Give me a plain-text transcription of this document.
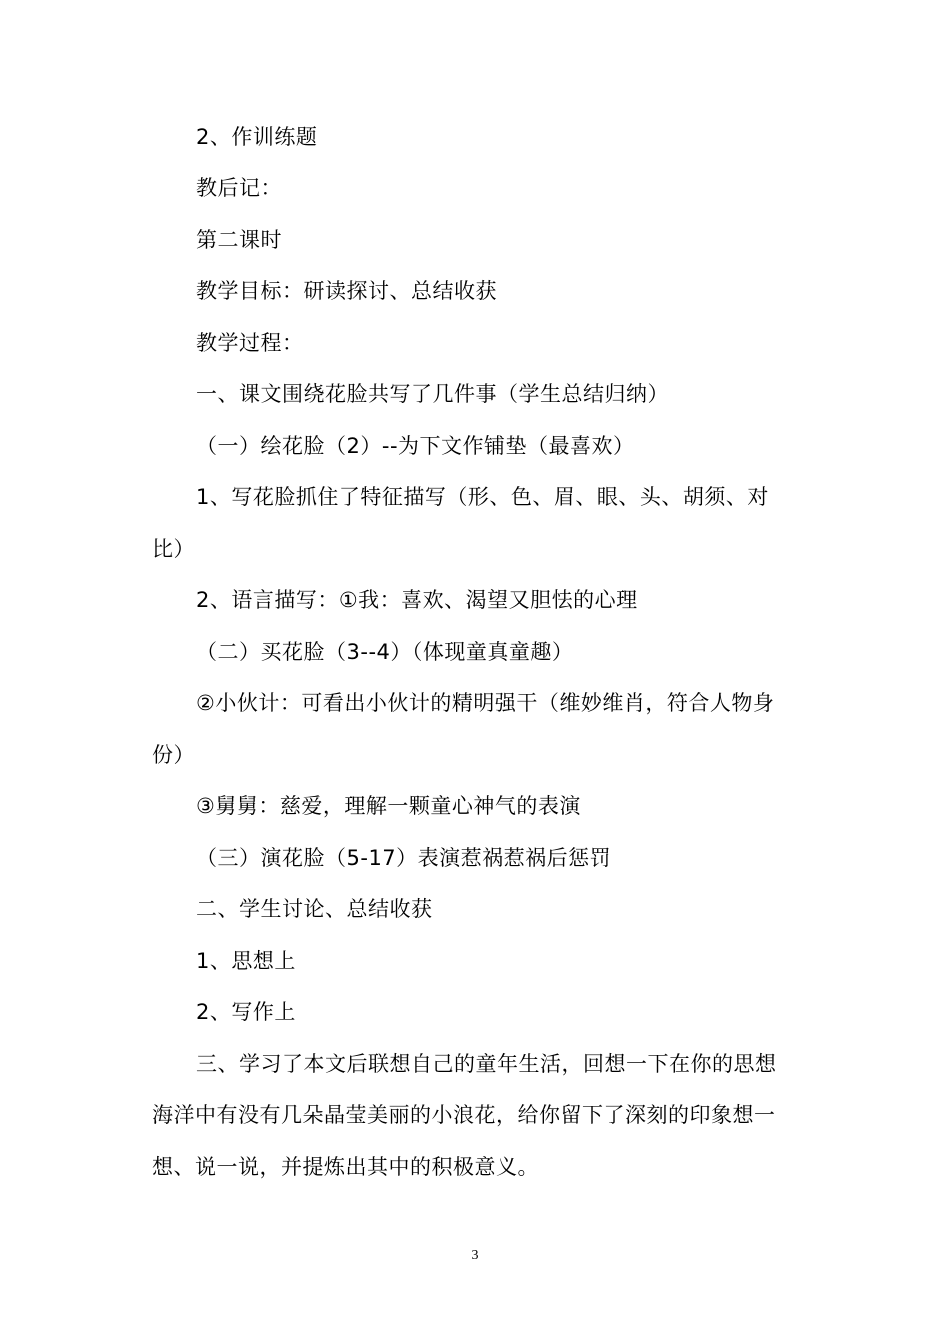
2、作训练题
教后记：
第二课时
教学目标：研读探讨、总结收获
教学过程：
一、课文围绕花脸共写了几件事（学生总结归纳）
（一）绘花脸（2）--为下文作铺垫（最喜欢）
1、写花脸抓住了特征描写（形、色、眉、眼、头、胡须、对
比）
2、语言描写：①我：喜欢、渴望又胆怯的心理
（二）买花脸（3--4）（体现童真童趣）
②小伙计：可看出小伙计的精明强干（维妙维肖，符合人物身
份）
③舅舅：慈爱，理解一颗童心神气的表演
（三）演花脸（5-17）表演惹祸惹祸后惩罚
二、学生讨论、总结收获
1、思想上
2、写作上
三、学习了本文后联想自己的童年生活，回想一下在你的思想
海洋中有没有几朵晶莹美丽的小浪花，给你留下了深刻的印象想一
想、说一说，并提炼出其中的积极意义。
3
